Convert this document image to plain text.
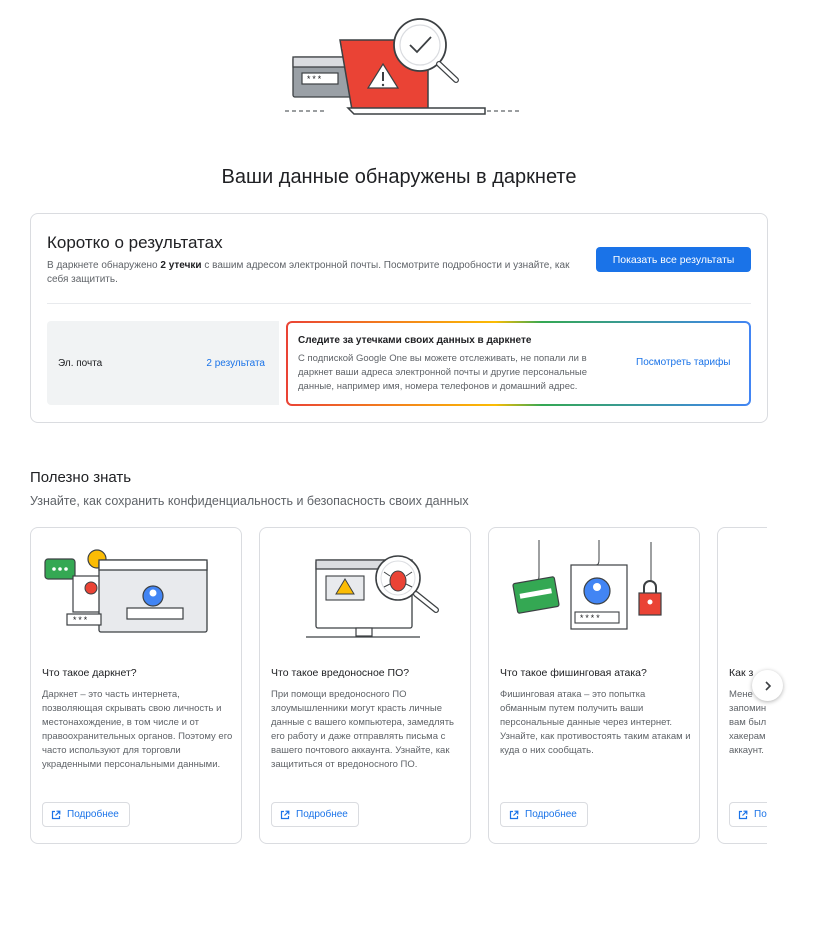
***
Ваши данные обнаружены в даркнете
Коротко о результатах
В даркнете обнаружено 2 утечки с вашим адресом электронной почты. Посмотрите подробности и узнайте, как себя защитить.
Показать все результаты
Эл. почта	2 результата
Следите за утечками своих данных в даркнете
С подпиской Google One вы можете отслеживать, не попали ли в даркнет ваши адреса электронной почты и другие персональные данные, например имя, номера телефонов и домашний адрес.
Посмотреть тарифы
Полезно знать
Узнайте, как сохранить конфиденциальность и безопасность своих данных
***
Что такое даркнет?
Даркнет – это часть интернета, позволяющая скрывать свою личность и местонахождение, в том числе и от правоохранительных органов. Поэтому его часто используют для торговли украденными персональными данными.
Подробнее
Что такое вредоносное ПО?
При помощи вредоносного ПО злоумышленники могут красть личные данные с вашего компьютера, замедлять его работу и даже отправлять письма с вашего почтового аккаунта. Узнайте, как защититься от вредоносного ПО.
Подробнее
****
Что такое фишинговая атака?
Фишинговая атака – это попытка обманным путем получить ваши персональные данные через интернет. Узнайте, как противостоять таким атакам и куда о них сообщать.
Подробнее
Как з
Мене запомин вам был хакерам аккаунт.
По
